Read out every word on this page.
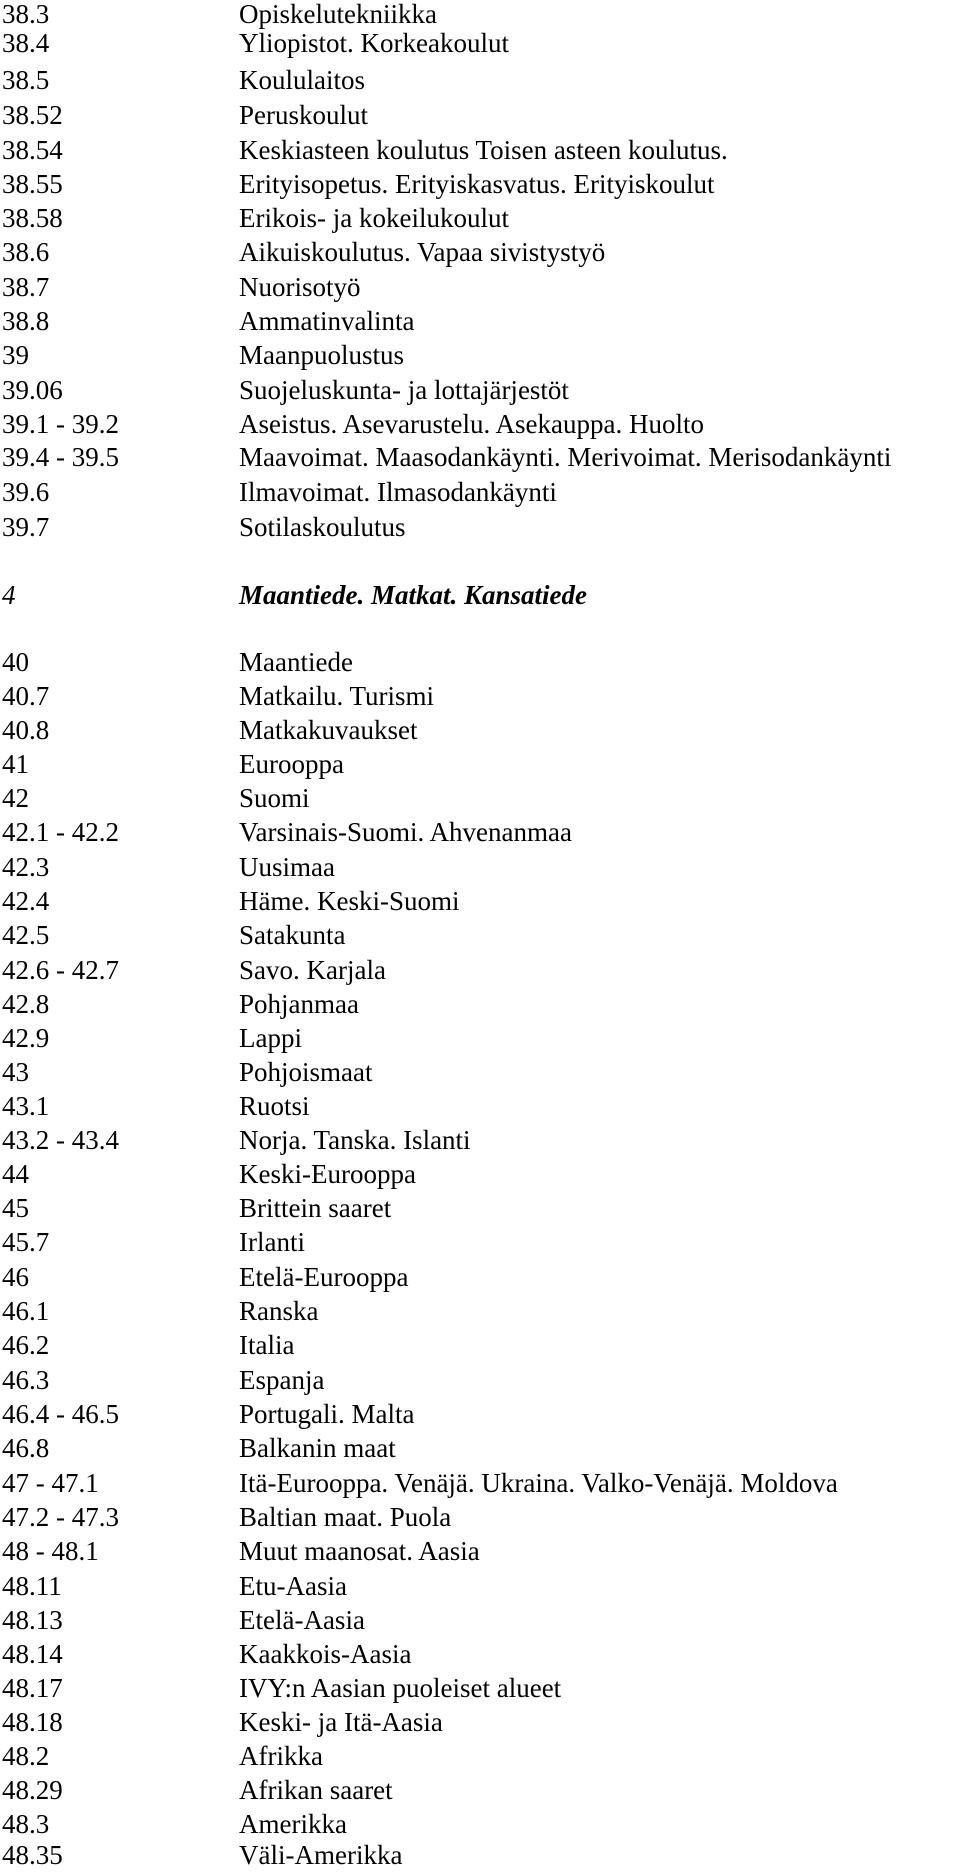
38.3	Opiskelutekniikka
38.4	Yliopistot. Korkeakoulut
38.5	Koululaitos
38.52	Peruskoulut
38.54	Keskiasteen koulutus Toisen asteen koulutus.
38.55	Erityisopetus. Erityiskasvatus. Erityiskoulut
38.58	Erikois- ja kokeilukoulut
38.6	Aikuiskoulutus. Vapaa sivistystyö
38.7	Nuorisotyö
38.8	Ammatinvalinta
39	Maanpuolustus
39.06	Suojeluskunta- ja lottajärjestöt
39.1 - 39.2	Aseistus. Asevarustelu. Asekauppa. Huolto
39.4 - 39.5	Maavoimat. Maasodankäynti. Merivoimat. Merisodankäynti
39.6	Ilmavoimat. Ilmasodankäynti
39.7	Sotilaskoulutus
4	Maantiede. Matkat. Kansatiede
40	Maantiede
40.7	Matkailu. Turismi
40.8	Matkakuvaukset
41	Eurooppa
42	Suomi
42.1 - 42.2	Varsinais-Suomi. Ahvenanmaa
42.3	Uusimaa
42.4	Häme. Keski-Suomi
42.5	Satakunta
42.6 - 42.7	Savo. Karjala
42.8	Pohjanmaa
42.9	Lappi
43	Pohjoismaat
43.1	Ruotsi
43.2 - 43.4	Norja. Tanska. Islanti
44	Keski-Eurooppa
45	Brittein saaret
45.7	Irlanti
46	Etelä-Eurooppa
46.1	Ranska
46.2	Italia
46.3	Espanja
46.4 - 46.5	Portugali. Malta
46.8	Balkanin maat
47 - 47.1	Itä-Eurooppa. Venäjä. Ukraina. Valko-Venäjä. Moldova
47.2 - 47.3	Baltian maat. Puola
48 - 48.1	Muut maanosat. Aasia
48.11	Etu-Aasia
48.13	Etelä-Aasia
48.14	Kaakkois-Aasia
48.17	IVY:n Aasian puoleiset alueet
48.18	Keski- ja Itä-Aasia
48.2	Afrikka
48.29	Afrikan saaret
48.3	Amerikka
48.35	Väli-Amerikka
